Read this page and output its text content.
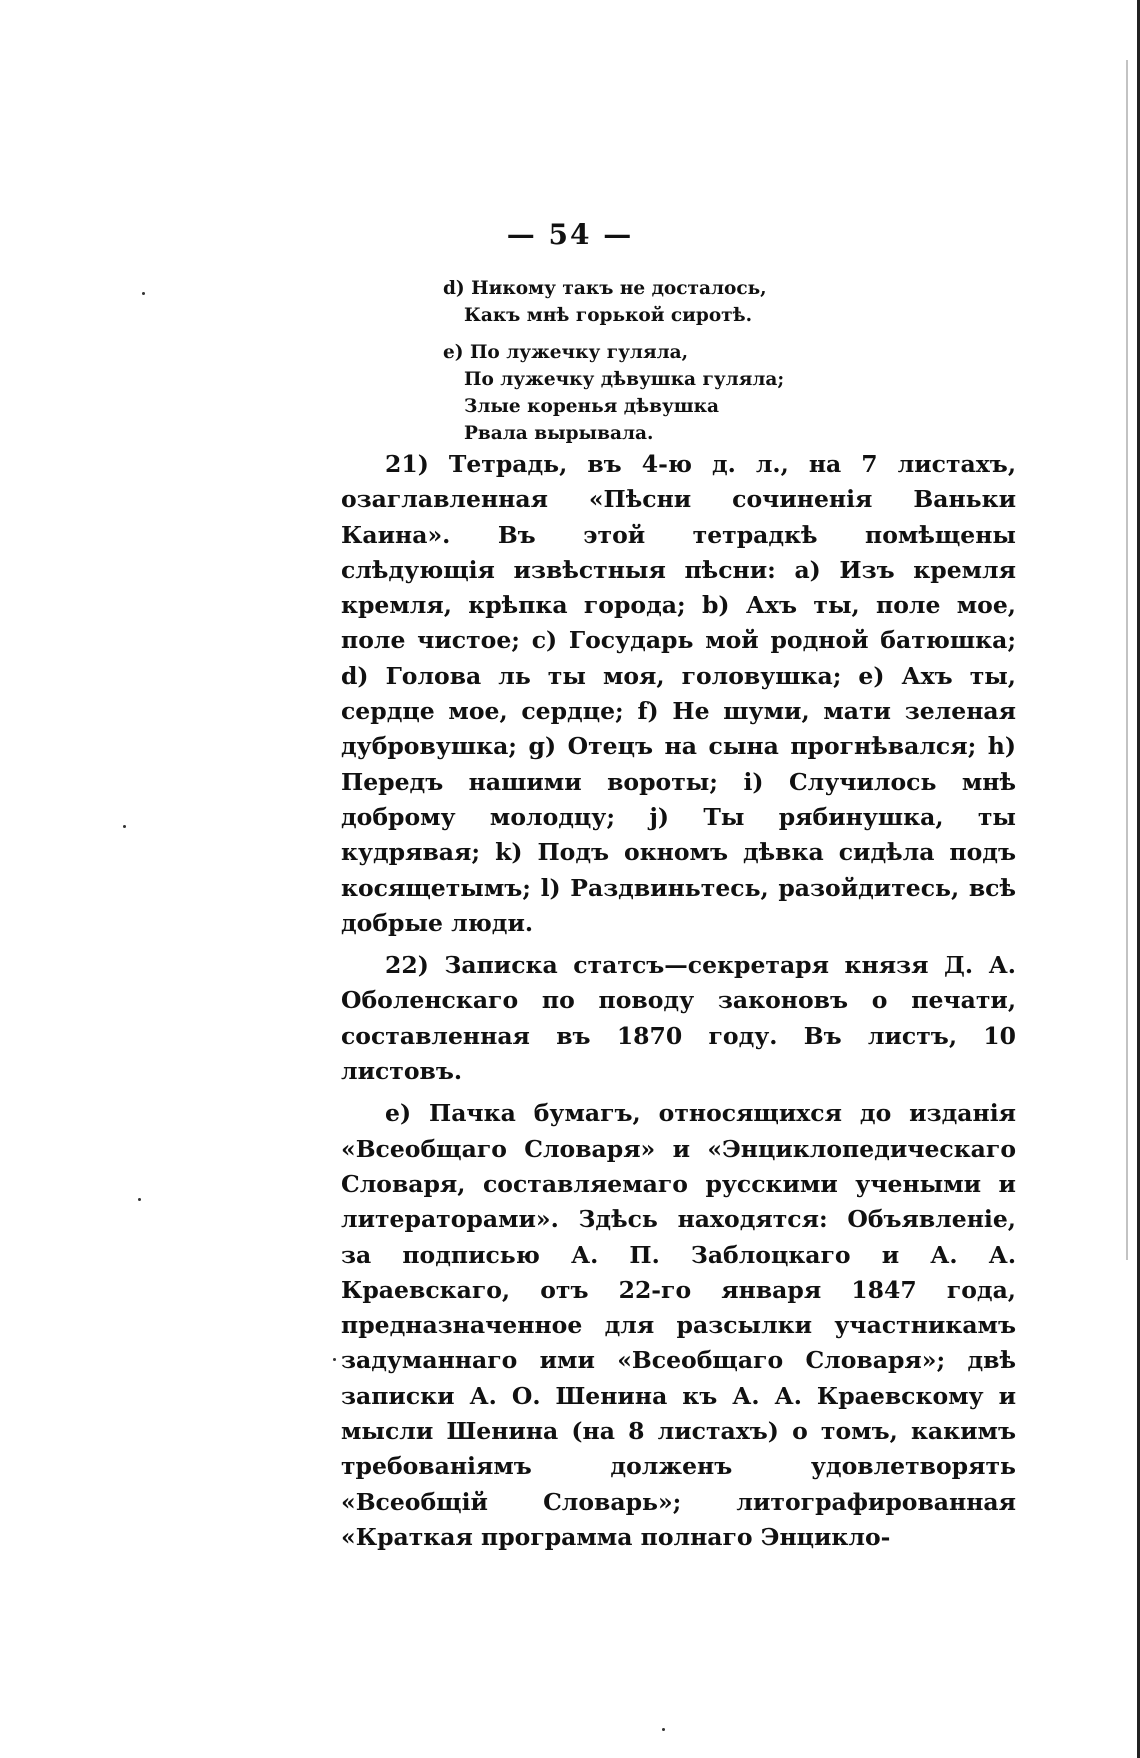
— 54 —
d) Никому такъ не досталось,
Какъ мнѣ горькой сиротѣ.
e) По лужечку гуляла,
По лужечку дѣвушка гуляла;
Злые коренья дѣвушка
Рвала вырывала.

21) Тетрадь, въ 4-ю д. л., на 7 листахъ, озаглавленная «Пѣсни сочиненія Ваньки Каина». Въ этой тетрадкѣ помѣщены слѣдующія извѣстныя пѣсни: a) Изъ кремля кремля, крѣпка города; b) Ахъ ты, поле мое, поле чистое; c) Государь мой родной батюшка; d) Голова ль ты моя, головушка; e) Ахъ ты, сердце мое, сердце; f) Не шуми, мати зеленая дубровушка; g) Отецъ на сына прогнѣвался; h) Передъ нашими вороты; i) Случилось мнѣ доброму молодцу; j) Ты рябинушка, ты кудрявая; k) Подъ окномъ дѣвка сидѣла подъ косящетымъ; l) Раздвиньтесь, разойдитесь, всѣ добрые люди.

22) Записка статсъ—секретаря князя Д. А. Оболенскаго по поводу законовъ о печати, составленная въ 1870 году. Въ листъ, 10 листовъ.

e) Пачка бумагъ, относящихся до изданія «Всеобщаго Словаря» и «Энциклопедическаго Словаря, составляемаго русскими учеными и литераторами». Здѣсь находятся: Объявленіе, за подписью А. П. Заблоцкаго и А. А. Краевскаго, отъ 22-го января 1847 года, предназначенное для разсылки участникамъ задуманнаго ими «Всеобщаго Словаря»; двѣ записки А. О. Шенина къ А. А. Краевскому и мысли Шенина (на 8 листахъ) о томъ, какимъ требованіямъ долженъ удовлетворять «Всеобщій Словарь»; литографированная «Краткая программа полнаго Энцикло-
